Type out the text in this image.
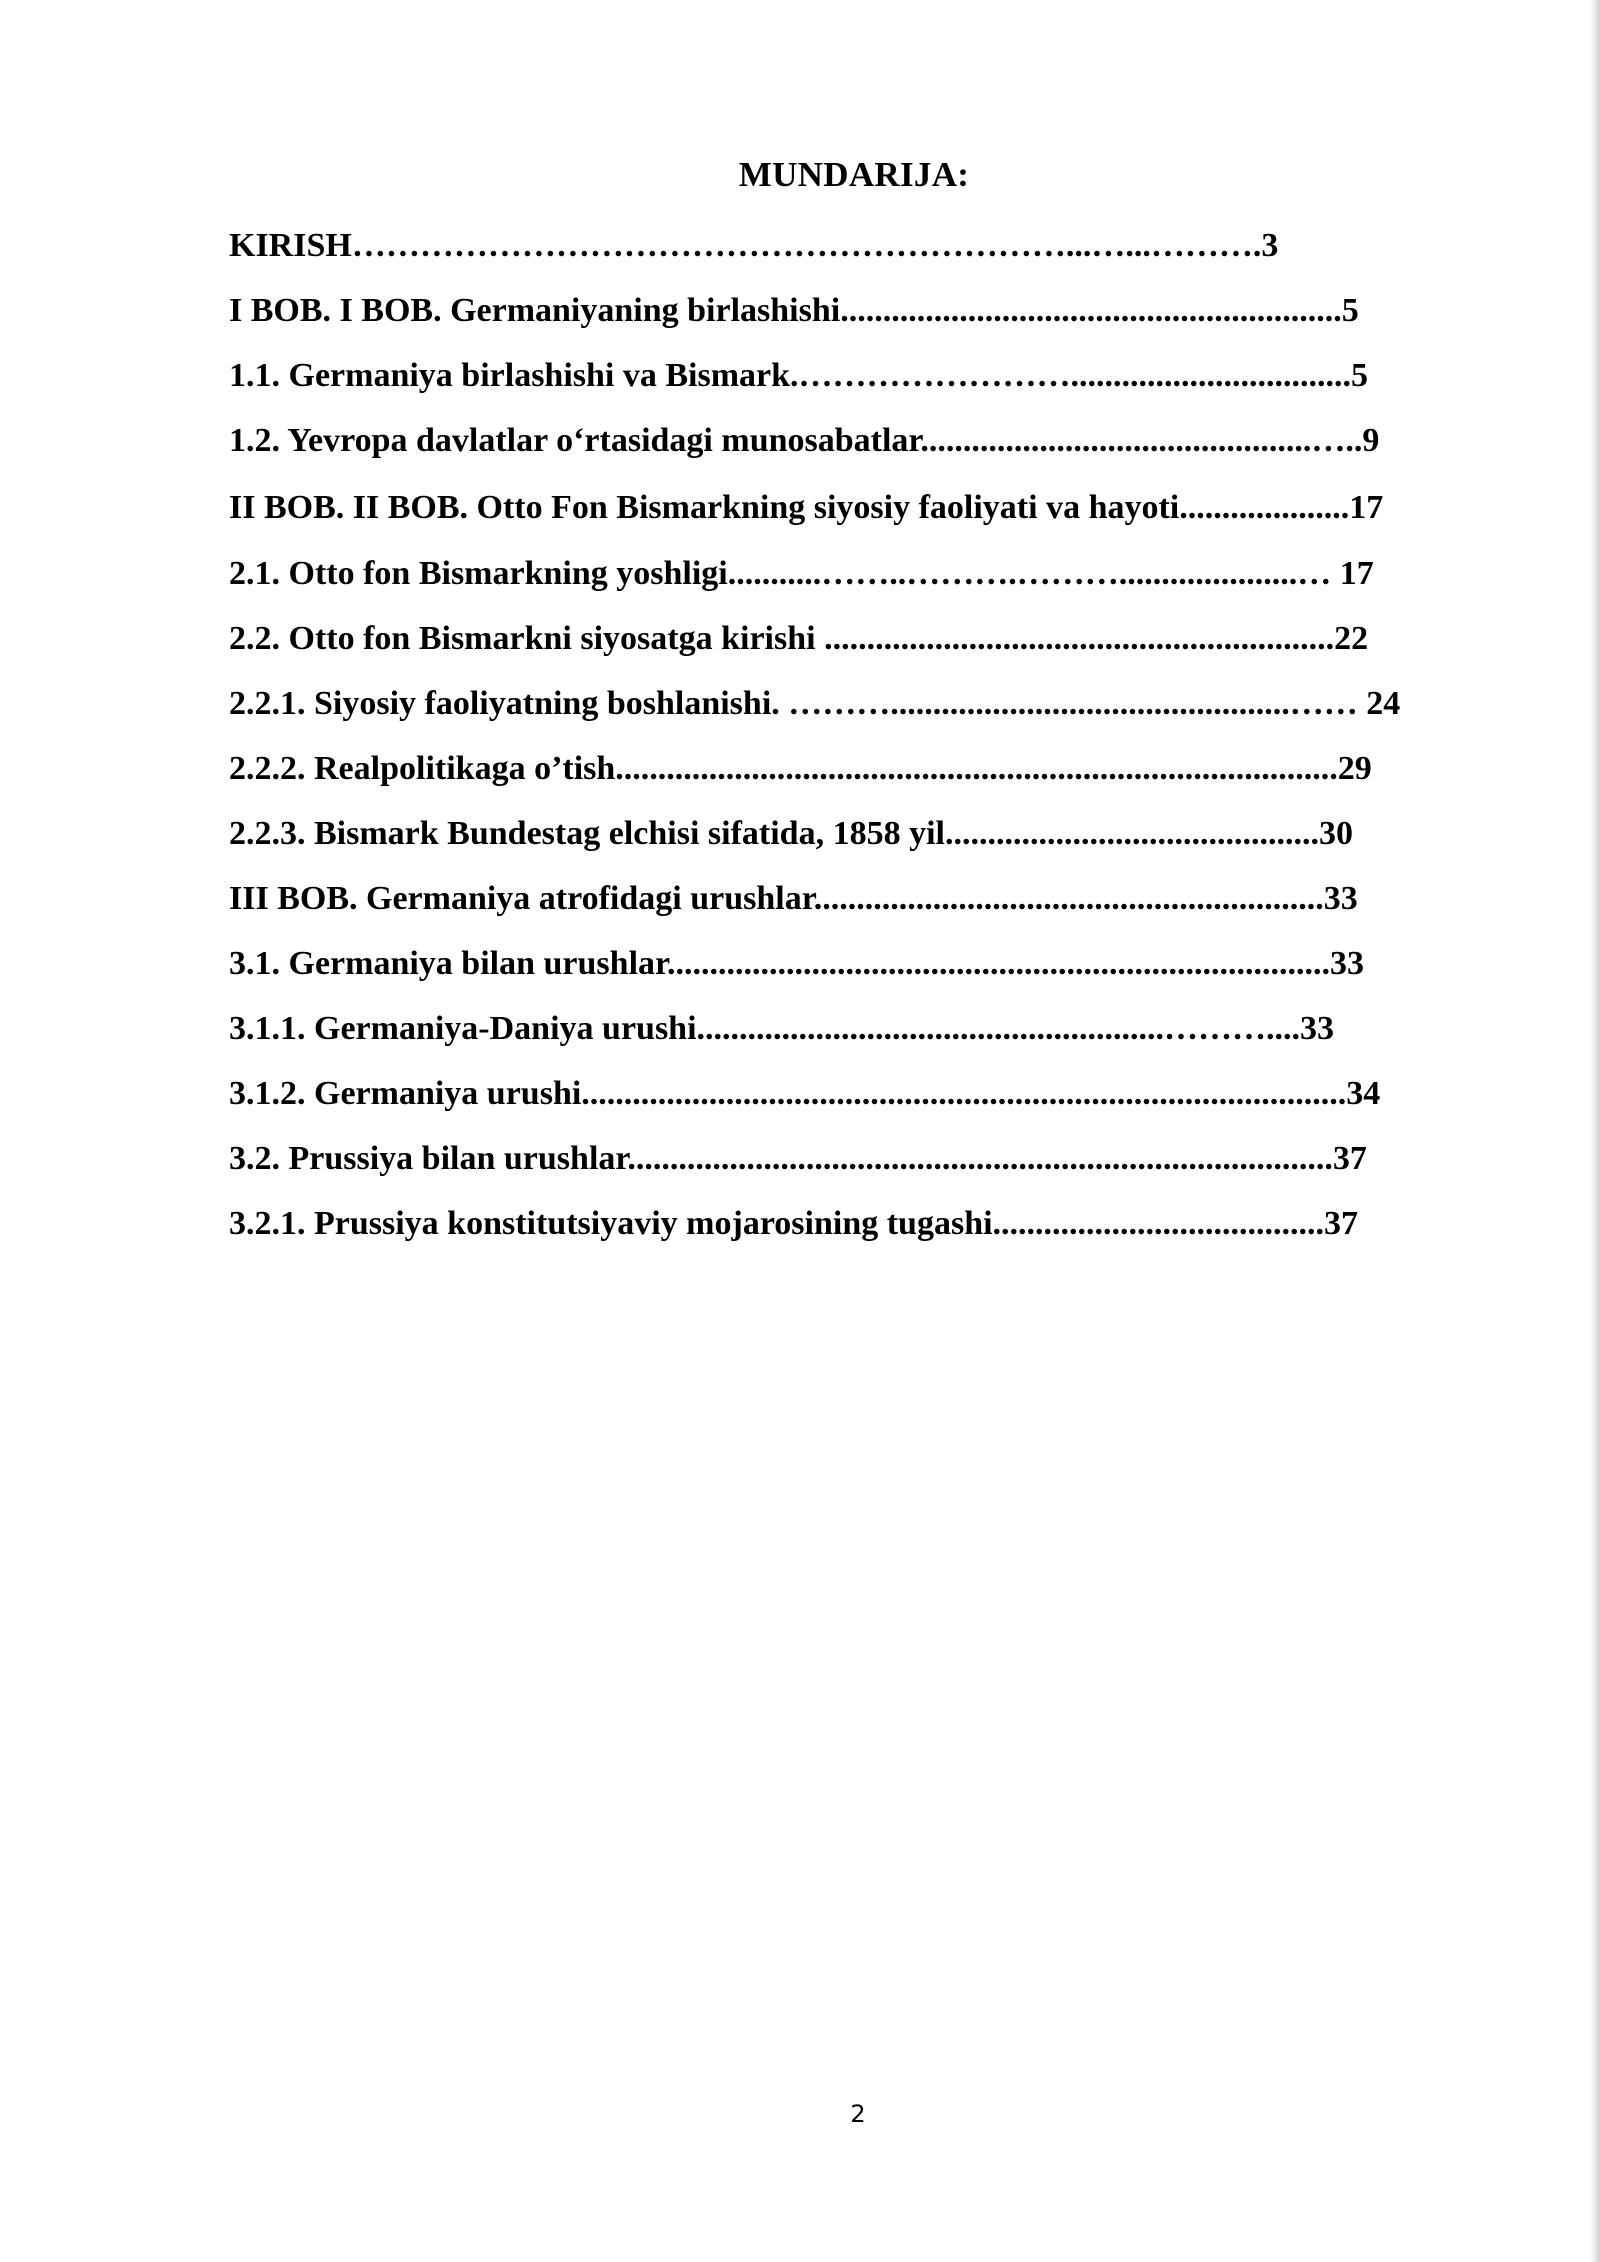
MUNDARIJA:

KIRISH………………………………………………………...…...……….3

I BOB. I BOB. Germaniyaning birlashishi...........................................................5

1.1. Germaniya birlashishi va Bismark.…………………….................................5

1.2. Yevropa davlatlar oʻrtasidagi munosabatlar..............................................…..9

II BOB. II BOB. Otto Fon Bismarkning siyosiy faoliyati va hayoti....................17

2.1. Otto fon Bismarkning yoshligi...........……..……….……….....................… 17

2.2. Otto fon Bismarkni siyosatga kirishi ............................................................22

2.2.1. Siyosiy faoliyatning boshlanishi. ………...............................................…… 24

2.2.2. Realpolitikaga o’tish.....................................................................................29

2.2.3. Bismark Bundestag elchisi sifatida, 1858 yil............................................30

III BOB. Germaniya atrofidagi urushlar............................................................33

3.1. Germaniya bilan urushlar..............................................................................33

3.1.1. Germaniya-Daniya urushi.......................................................………....33

3.1.2. Germaniya urushi..........................................................................................34

3.2. Prussiya bilan urushlar...................................................................................37

3.2.1. Prussiya konstitutsiyaviy mojarosining tugashi.......................................37

2
